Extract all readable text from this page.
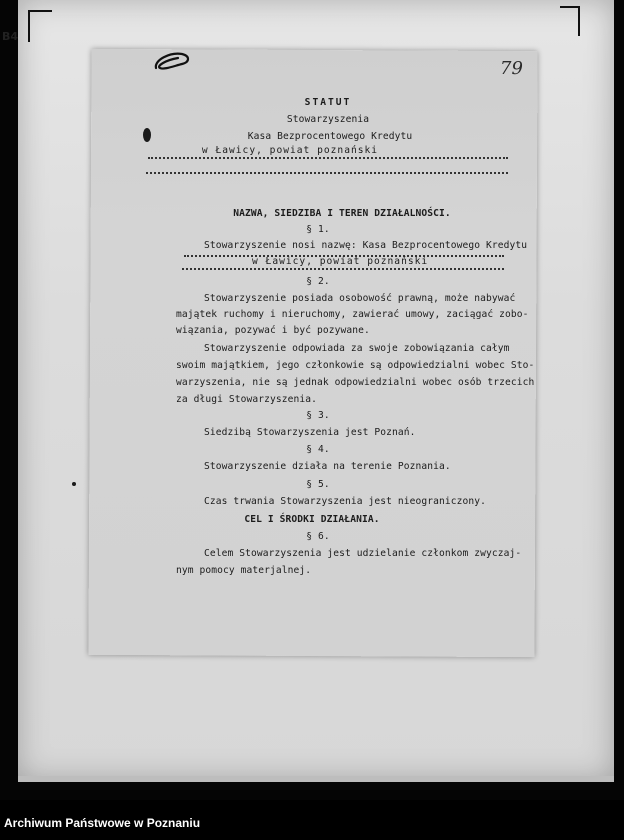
B4
79
STATUT
Stowarzyszenia
Kasa Bezprocentowego Kredytu
w Ławicy, powiat poznański
NAZWA, SIEDZIBA I TEREN DZIAŁALNOŚCI.
§ 1.
Stowarzyszenie nosi nazwę: Kasa Bezprocentowego Kredytu
w Ławicy, powiat poznański
§ 2.
Stowarzyszenie posiada osobowość prawną, może nabywać
majątek ruchomy i nieruchomy, zawierać umowy, zaciągać zobo-
wiązania, pozywać i być pozywane.
Stowarzyszenie odpowiada za swoje zobowiązania całym
swoim majątkiem, jego członkowie są odpowiedzialni wobec Sto-
warzyszenia, nie są jednak odpowiedzialni wobec osób trzecich
za długi Stowarzyszenia.
§ 3.
Siedzibą Stowarzyszenia jest Poznań.
§ 4.
Stowarzyszenie działa na terenie Poznania.
§ 5.
Czas trwania Stowarzyszenia jest nieograniczony.
CEL I ŚRODKI DZIAŁANIA.
§ 6.
Celem Stowarzyszenia jest udzielanie członkom zwyczaj-
nym pomocy materjalnej.
Archiwum Państwowe w Poznaniu
